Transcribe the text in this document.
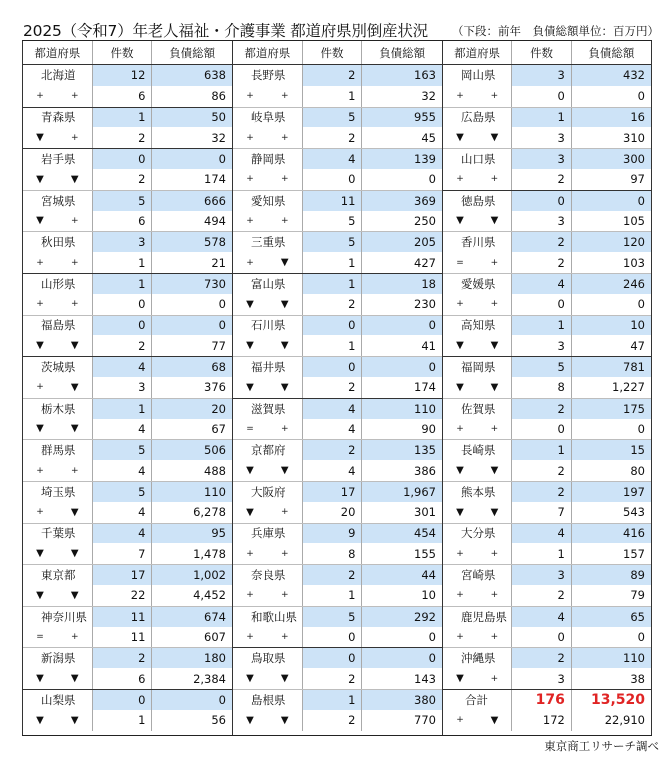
2025（令和7）年老人福祉・介護事業 都道府県別倒産状況 （下段：前年　負債総額単位：百万円）
都道府県	件数	負債総額
北海道	12	638
+	+	6	86
青森県	1	50
▼	+	2	32
岩手県	0	0
▼	▼	2	174
宮城県	5	666
▼	+	6	494
秋田県	3	578
+	+	1	21
山形県	1	730
+	+	0	0
福島県	0	0
▼	▼	2	77
茨城県	4	68
+	▼	3	376
栃木県	1	20
▼	▼	4	67
群馬県	5	506
+	+	4	488
埼玉県	5	110
+	▼	4	6,278
千葉県	4	95
▼	▼	7	1,478
東京都	17	1,002
▼	▼	22	4,452
神奈川県	11	674
=	+	11	607
新潟県	2	180
▼	▼	6	2,384
山梨県	0	0
▼	▼	1	56
都道府県	件数	負債総額
長野県	2	163
+	+	1	32
岐阜県	5	955
+	+	2	45
静岡県	4	139
+	+	0	0
愛知県	11	369
+	+	5	250
三重県	5	205
+	▼	1	427
富山県	1	18
▼	▼	2	230
石川県	0	0
▼	▼	1	41
福井県	0	0
▼	▼	2	174
滋賀県	4	110
=	+	4	90
京都府	2	135
▼	▼	4	386
大阪府	17	1,967
▼	+	20	301
兵庫県	9	454
+	+	8	155
奈良県	2	44
+	+	1	10
和歌山県	5	292
+	+	0	0
鳥取県	0	0
▼	▼	2	143
島根県	1	380
▼	▼	2	770
都道府県	件数	負債総額
岡山県	3	432
+	+	0	0
広島県	1	16
▼	▼	3	310
山口県	3	300
+	+	2	97
徳島県	0	0
▼	▼	3	105
香川県	2	120
=	+	2	103
愛媛県	4	246
+	+	0	0
高知県	1	10
▼	▼	3	47
福岡県	5	781
▼	▼	8	1,227
佐賀県	2	175
+	+	0	0
長崎県	1	15
▼	▼	2	80
熊本県	2	197
▼	▼	7	543
大分県	4	416
+	+	1	157
宮崎県	3	89
+	+	2	79
鹿児島県	4	65
+	+	0	0
沖縄県	2	110
▼	+	3	38
合計	176	13,520
+	▼	172	22,910
東京商工リサーチ調べ
